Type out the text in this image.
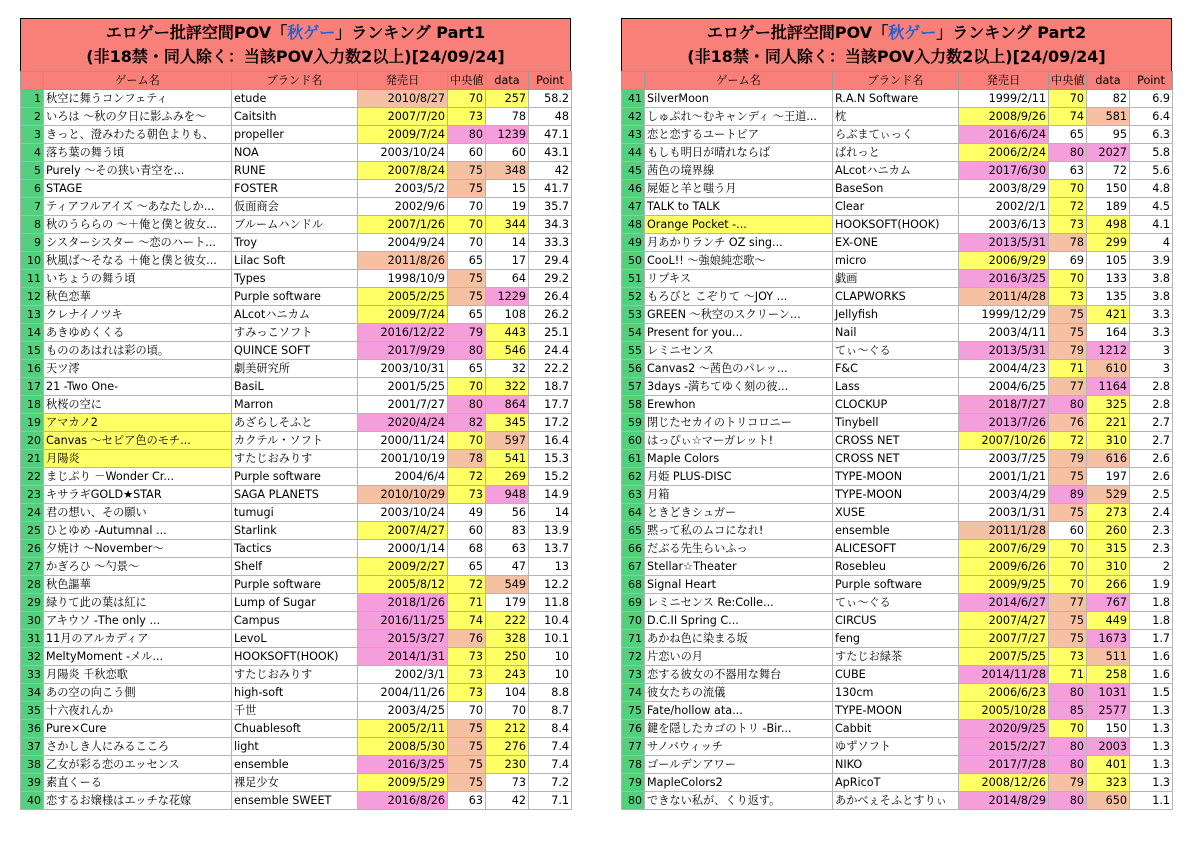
エロゲー批評空間POV「秋ゲー」ランキング Part1
(非18禁・同人除く：当該POV入力数2以上)[24/09/24]
	ゲーム名	ブランド名	発売日	中央値	data	Point
1	秋空に舞うコンフェティ	etude	2010/8/27	70	257	58.2
2	いろは ～秋の夕日に影ふみを～	Caitsith	2007/7/20	73	78	48
3	きっと、澄みわたる朝色よりも、	propeller	2009/7/24	80	1239	47.1
4	落ち葉の舞う頃	NOA	2003/10/24	60	60	43.1
5	Purely ～その狭い青空を...	RUNE	2007/8/24	75	348	42
6	STAGE	FOSTER	2003/5/2	75	15	41.7
7	ティアフルアイズ ～あなたしか...	仮面商会	2002/9/6	70	19	35.7
8	秋のうららの ～＋俺と僕と彼女...	ブルームハンドル	2007/1/26	70	344	34.3
9	シスターシスター ～恋のハート...	Troy	2004/9/24	70	14	33.3
10	秋風ば～そなる ＋俺と僕と彼女...	Lilac Soft	2011/8/26	65	17	29.4
11	いちょうの舞う頃	Types	1998/10/9	75	64	29.2
12	秋色恋華	Purple software	2005/2/25	75	1229	26.4
13	クレナイノツキ	ALcotハニカム	2009/7/24	65	108	26.2
14	あきゆめくくる	すみっこソフト	2016/12/22	79	443	25.1
15	もののあはれは彩の頃。	QUINCE SOFT	2017/9/29	80	546	24.4
16	天ツ澪	劇美研究所	2003/10/31	65	32	22.2
17	21 -Two One-	BasiL	2001/5/25	70	322	18.7
18	秋桜の空に	Marron	2001/7/27	80	864	17.7
19	アマカノ2	あざらしそふと	2020/4/24	82	345	17.2
20	Canvas ～セピア色のモチ...	カクテル・ソフト	2000/11/24	70	597	16.4
21	月陽炎	すたじおみりす	2001/10/19	78	541	15.3
22	まじぷり －Wonder Cr...	Purple software	2004/6/4	72	269	15.2
23	キサラギGOLD★STAR	SAGA PLANETS	2010/10/29	73	948	14.9
24	君の想い、その願い	tumugi	2003/10/24	49	56	14
25	ひとゆめ -Autumnal ...	Starlink	2007/4/27	60	83	13.9
26	夕焼け ～November～	Tactics	2000/1/14	68	63	13.7
27	かぎろひ ～勺景～	Shelf	2009/2/27	65	47	13
28	秋色謳華	Purple software	2005/8/12	72	549	12.2
29	緑りて此の葉は紅に	Lump of Sugar	2018/1/26	71	179	11.8
30	アキウソ -The only ...	Campus	2016/11/25	74	222	10.4
31	11月のアルカディア	LevoL	2015/3/27	76	328	10.1
32	MeltyMoment -メル...	HOOKSOFT(HOOK)	2014/1/31	73	250	10
33	月陽炎 千秋恋歌	すたじおみりす	2002/3/1	73	243	10
34	あの空の向こう側	high-soft	2004/11/26	73	104	8.8
35	十六夜れんか	千世	2003/4/25	70	70	8.7
36	Pure×Cure	Chuablesoft	2005/2/11	75	212	8.4
37	さかしき人にみるこころ	light	2008/5/30	75	276	7.4
38	乙女が彩る恋のエッセンス	ensemble	2016/3/25	75	230	7.4
39	素直くーる	裸足少女	2009/5/29	75	73	7.2
40	恋するお嬢様はエッチな花嫁	ensemble SWEET	2016/8/26	63	42	7.1
エロゲー批評空間POV「秋ゲー」ランキング Part2
(非18禁・同人除く：当該POV入力数2以上)[24/09/24]
	ゲーム名	ブランド名	発売日	中央値	data	Point
41	SilverMoon	R.A.N Software	1999/2/11	70	82	6.9
42	しゅぷれ～むキャンディ ～王道...	枕	2008/9/26	74	581	6.4
43	恋と恋するユートピア	らぶまてぃっく	2016/6/24	65	95	6.3
44	もしも明日が晴れならば	ぱれっと	2006/2/24	80	2027	5.8
45	茜色の境界線	ALcotハニカム	2017/6/30	63	72	5.6
46	屍姫と羊と嗤う月	BaseSon	2003/8/29	70	150	4.8
47	TALK to TALK	Clear	2002/2/1	72	189	4.5
48	Orange Pocket -...	HOOKSOFT(HOOK)	2003/6/13	73	498	4.1
49	月あかりランチ OZ sing...	EX-ONE	2013/5/31	78	299	4
50	CooL!! ～強娘純恋歌～	micro	2006/9/29	69	105	3.9
51	リプキス	戯画	2016/3/25	70	133	3.8
52	もろびと こぞりて ～JOY ...	CLAPWORKS	2011/4/28	73	135	3.8
53	GREEN ～秋空のスクリーン...	Jellyfish	1999/12/29	75	421	3.3
54	Present for you...	Nail	2003/4/11	75	164	3.3
55	レミニセンス	てぃ～ぐる	2013/5/31	79	1212	3
56	Canvas2 ～茜色のパレッ...	F&C	2004/4/23	71	610	3
57	3days -満ちてゆく刻の彼...	Lass	2004/6/25	77	1164	2.8
58	Erewhon	CLOCKUP	2018/7/27	80	325	2.8
59	閉じたセカイのトリコロニー	Tinybell	2013/7/26	76	221	2.7
60	はっぴぃ☆マーガレット!	CROSS NET	2007/10/26	72	310	2.7
61	Maple Colors	CROSS NET	2003/7/25	79	616	2.6
62	月姫 PLUS-DISC	TYPE-MOON	2001/1/21	75	197	2.6
63	月箱	TYPE-MOON	2003/4/29	89	529	2.5
64	ときどきシュガー	XUSE	2003/1/31	75	273	2.4
65	黙って私のムコになれ!	ensemble	2011/1/28	60	260	2.3
66	だぶる先生らいふっ	ALICESOFT	2007/6/29	70	315	2.3
67	Stellar☆Theater	Rosebleu	2009/6/26	70	310	2
68	Signal Heart	Purple software	2009/9/25	70	266	1.9
69	レミニセンス Re:Colle...	てぃ～ぐる	2014/6/27	77	767	1.8
70	D.C.II Spring C...	CIRCUS	2007/4/27	75	449	1.8
71	あかね色に染まる坂	feng	2007/7/27	75	1673	1.7
72	片恋いの月	すたじお緑茶	2007/5/25	73	511	1.6
73	恋する彼女の不器用な舞台	CUBE	2014/11/28	71	258	1.6
74	彼女たちの流儀	130cm	2006/6/23	80	1031	1.5
75	Fate/hollow ata...	TYPE-MOON	2005/10/28	85	2577	1.3
76	鍵を隠したカゴのトリ -Bir...	Cabbit	2020/9/25	70	150	1.3
77	サノバウィッチ	ゆずソフト	2015/2/27	80	2003	1.3
78	ゴールデンアワー	NIKO	2017/7/28	80	401	1.3
79	MapleColors2	ApRicoT	2008/12/26	79	323	1.3
80	できない私が、くり返す。	あかべぇそふとすりぃ	2014/8/29	80	650	1.1
